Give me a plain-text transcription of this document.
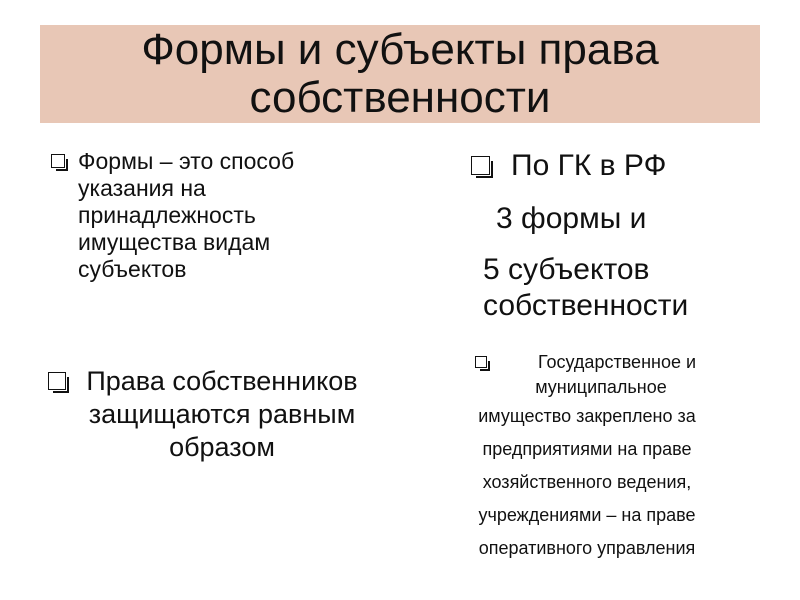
Формы и субъекты права
собственности
Формы – это способ
указания на
принадлежность
имущества видам
субъектов
Права собственников
защищаются равным
образом
По ГК в РФ
3 формы и
5 субъектов
собственности
Государственное и
муниципальное
имущество закреплено за
предприятиями на праве
хозяйственного ведения,
учреждениями – на праве
оперативного управления
